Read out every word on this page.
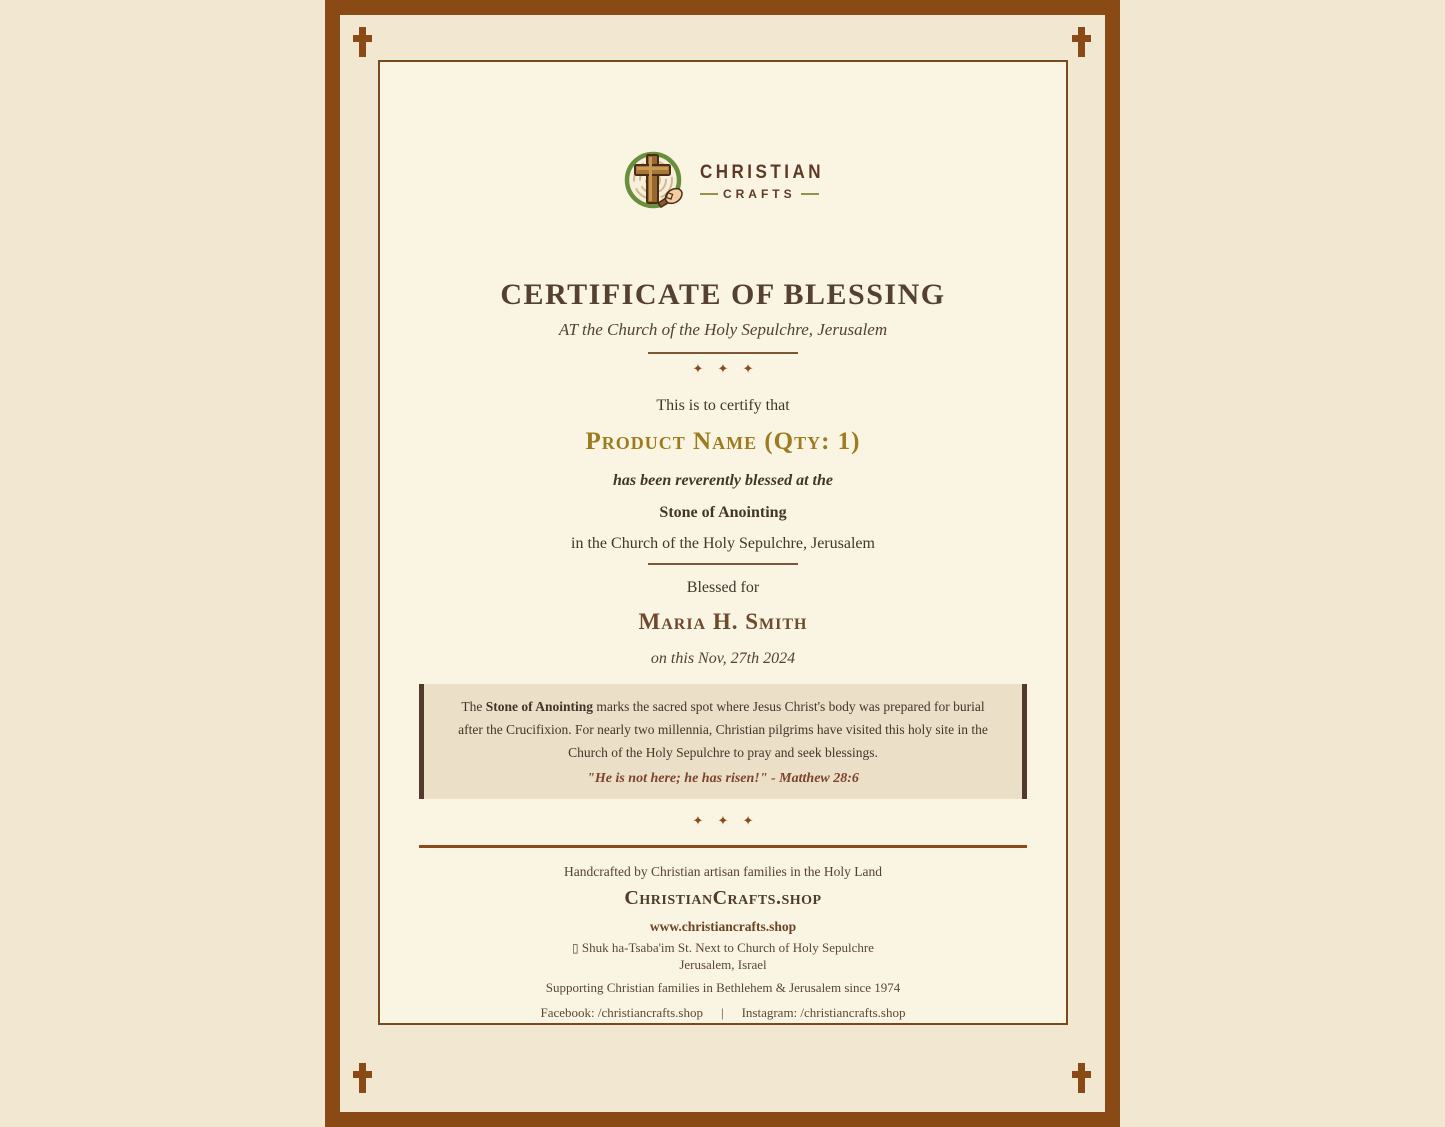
CHRISTIAN
CRAFTS
CERTIFICATE OF BLESSING
AT the Church of the Holy Sepulchre, Jerusalem
✦ ✦ ✦
This is to certify that
Product Name (Qty: 1)
has been reverently blessed at the
Stone of Anointing
in the Church of the Holy Sepulchre, Jerusalem
Blessed for
Maria H. Smith
on this Nov, 27th 2024
The Stone of Anointing marks the sacred spot where Jesus Christ's body was prepared for burial after the Crucifixion. For nearly two millennia, Christian pilgrims have visited this holy site in the Church of the Holy Sepulchre to pray and seek blessings.
"He is not here; he has risen!" - Matthew 28:6
✦ ✦ ✦
Handcrafted by Christian artisan families in the Holy Land
ChristianCrafts.shop
www.christiancrafts.shop
▯ Shuk ha-Tsaba'im St. Next to Church of Holy Sepulchre
Jerusalem, Israel
Supporting Christian families in Bethlehem & Jerusalem since 1974
Facebook: /christiancrafts.shop | Instagram: /christiancrafts.shop
